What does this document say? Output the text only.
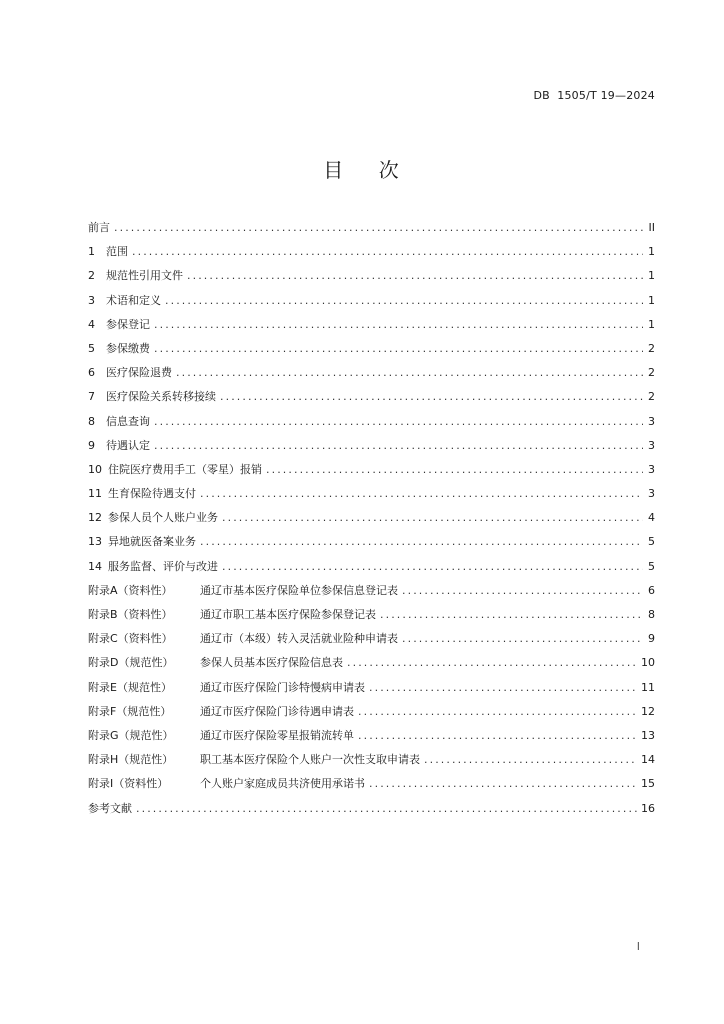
DB  1505/T 19—2024
目    次
前言 .....	II
1	范围 .....	1
2	规范性引用文件 .....	1
3	术语和定义 .....	1
4	参保登记 .....	1
5	参保缴费 .....	2
6	医疗保险退费 .....	2
7	医疗保险关系转移接续 .....	2
8	信息查询 .....	3
9	待遇认定 .....	3
10 住院医疗费用手工（零星）报销 .....	3
11 生育保险待遇支付 .....	3
12 参保人员个人账户业务 .....	4
13 异地就医备案业务 .....	5
14 服务监督、评价与改进 .....	5
附录A（资料性）	通辽市基本医疗保险单位参保信息登记表 .....	6
附录B（资料性）	通辽市职工基本医疗保险参保登记表 .....	8
附录C（资料性）	通辽市（本级）转入灵活就业险种申请表 .....	9
附录D（规范性）	参保人员基本医疗保险信息表 .....	10
附录E（规范性）	通辽市医疗保险门诊特慢病申请表 .....	11
附录F（规范性）	通辽市医疗保险门诊待遇申请表 .....	12
附录G（规范性）	通辽市医疗保险零星报销流转单 .....	13
附录H（规范性）	职工基本医疗保险个人账户一次性支取申请表 .....	14
附录I（资料性）	个人账户家庭成员共济使用承诺书 .....	15
参考文献 .....	16
I
